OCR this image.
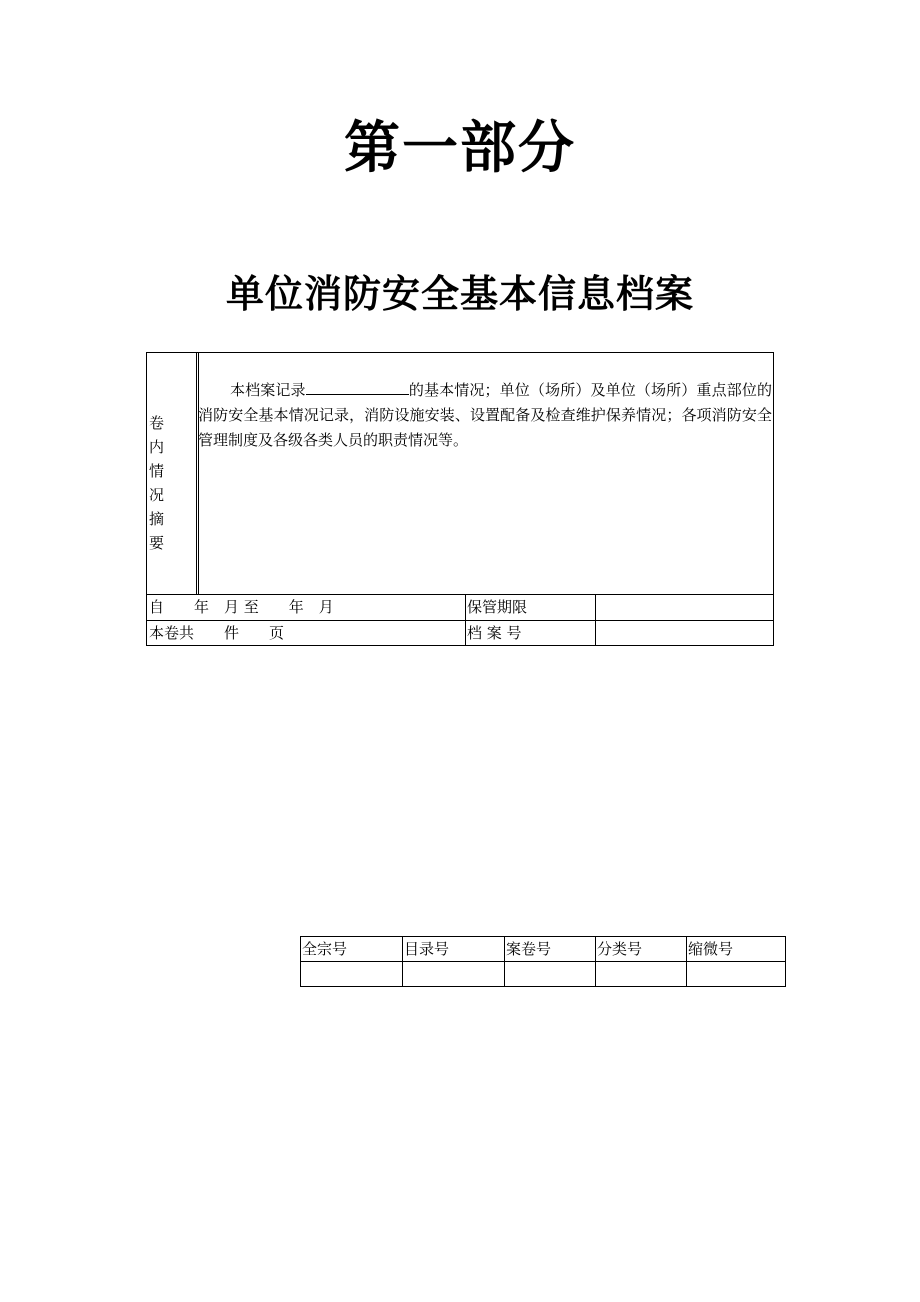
第一部分
单位消防安全基本信息档案
卷
内
情
况
摘
要
本档案记录	的基本情况；单位（场所）及单位（场所）重点部位的消防安全基本情况记录，消防设施安装、设置配备及检查维护保养情况；各项消防安全管理制度及各级各类人员的职责情况等。
自　　年　月 至　　年　月	保管期限
本卷共　　件　　页	档 案 号
全宗号	目录号	案卷号	分类号	缩微号
